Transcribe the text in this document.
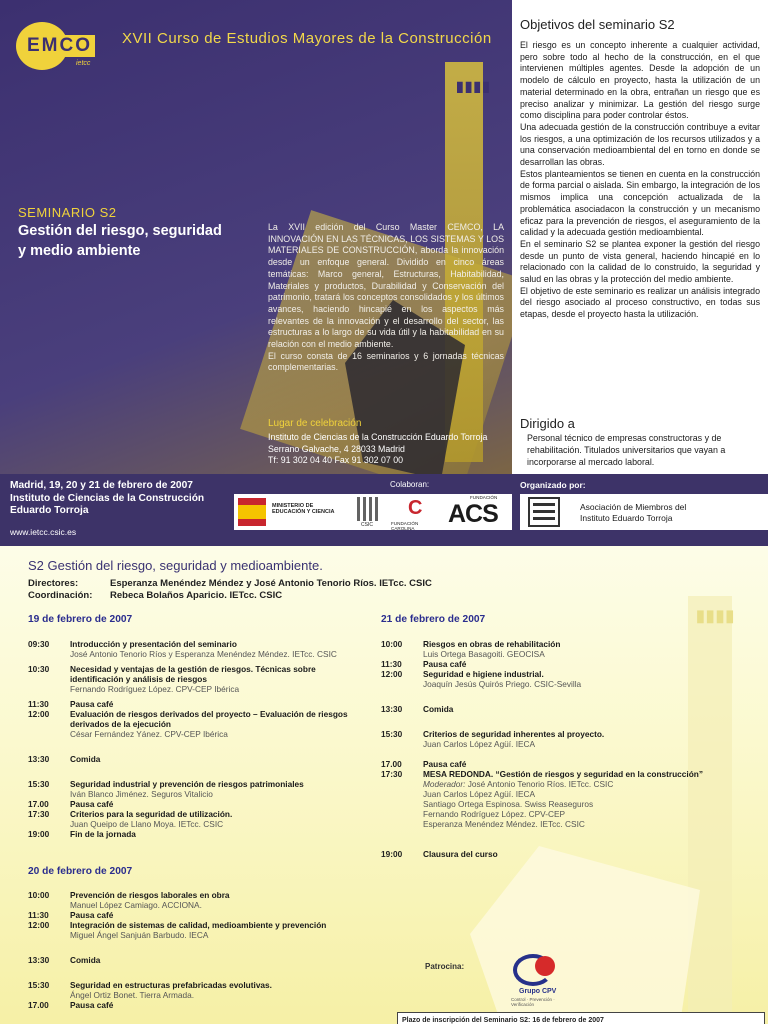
▮▮▮▮
EMCO
ietcc
XVII Curso de Estudios Mayores de la Construcción
SEMINARIO S2
Gestión del riesgo, seguridad
y medio ambiente
La XVII edición del Curso Master CEMCO, LA INNOVACIÓN EN LAS TÉCNICAS, LOS SISTEMAS Y LOS MATERIALES DE CONSTRUCCIÓN, aborda la innovación desde un enfoque general. Dividido en cinco áreas temáticas: Marco general, Estructuras, Habitabilidad, Materiales y productos, Durabilidad y Conservación del patrimonio, tratará los conceptos consolidados y los últimos avances, haciendo hincapié en los aspectos más relevantes de la innovación y el desarrollo del sector, las estructuras a lo largo de su vida útil y la habitabilidad en su relación con el medio ambiente.
El curso consta de 16 seminarios y 6 jornadas técnicas complementarias.
Lugar de celebración
Instituto de Ciencias de la Construcción Eduardo Torroja
Serrano Galvache, 4 28033 Madrid
Tf: 91 302 04 40 Fax 91 302 07 00
Objetivos del seminario S2

El riesgo es un concepto inherente a cualquier actividad, pero sobre todo al hecho de la construcción, en el que intervienen múltiples agentes. Desde la adopción de un modelo de cálculo en proyecto, hasta la utilización de un material determinado en la obra, entrañan un riesgo que es preciso analizar y minimizar. La gestión del riesgo surge como disciplina para poder controlar éstos.

Una adecuada gestión de la construcción contribuye a evitar los riesgos, a una optimización de los recursos utilizados y a una conservación medioambiental del en torno en donde se desarrollan las obras.

Estos planteamientos se tienen en cuenta en la construcción de forma parcial o aislada. Sin embargo, la integración de los mismos implica una concepción actualizada de la problemática asociadacon la construcción y un mecanismo eficaz para la prevención de riesgos, el aseguramiento de la calidad y la adecuada gestión medioambiental.

En el seminario S2 se plantea exponer la gestión del riesgo desde un punto de vista general, haciendo hincapié en lo relacionado con la calidad de lo construido, la seguridad y salud en las obras y la protección del medio ambiente.

El objetivo de este seminario es realizar un análisis integrado del riesgo asociado al proceso constructivo, en todas sus etapas, desde el proyecto hasta la utilización.

Dirigido a
Personal técnico de empresas constructoras y de rehabilitación. Titulados universitarios que vayan a incorporarse al mercado laboral.
Madrid, 19, 20 y 21 de febrero de 2007
Instituto de Ciencias de la Construcción
Eduardo Torroja
www.ietcc.csic.es
Colaboran:
MINISTERIO DE EDUCACIÓN Y CIENCIA
CSIC
C
FUNDACIÓN CAROLINA
FUNDACIÓN
ACS
Organizado por:
Asociación de Miembros del
Instituto Eduardo Torroja
▮▮▮▮
S2 Gestión del riesgo, seguridad y medioambiente.
Directores:	Esperanza Menéndez Méndez y José Antonio Tenorio Ríos. IETcc. CSIC
Coordinación:	Rebeca Bolaños Aparicio. IETcc. CSIC
19 de febrero de 2007
09:30	Introducción y presentación del seminario
José Antonio Tenorio Ríos y Esperanza Menéndez Méndez. IETcc. CSIC
10:30	Necesidad y ventajas de la gestión de riesgos. Técnicas sobre identificación y análisis de riesgos
Fernando Rodríguez López. CPV-CEP Ibérica
11:30	Pausa café
12:00	Evaluación de riesgos derivados del proyecto – Evaluación de riesgos derivados de la ejecución
César Fernández Yánez. CPV-CEP Ibérica
13:30	Comida
15:30	Seguridad industrial y prevención de riesgos patrimoniales
Iván Blanco Jiménez. Seguros Vitalicio
17.00	Pausa café
17:30	Criterios para la seguridad de utilización.
Juan Queipo de Llano Moya. IETcc. CSIC
19:00	Fin de la jornada
20 de febrero de 2007
10:00	Prevención de riesgos laborales en obra
Manuel López Camiago. ACCIONA.
11:30	Pausa café
12:00	Integración de sistemas de calidad, medioambiente y prevención
Miguel Ángel Sanjuán Barbudo. IECA
13:30	Comida
15:30	Seguridad en estructuras prefabricadas evolutivas.
Ángel Ortiz Bonet. Tierra Armada.
17.00	Pausa café
21 de febrero de 2007
10:00	Riesgos en obras de rehabilitación
Luis Ortega Basagoiti. GEOCISA
11:30	Pausa café
12:00	Seguridad e higiene industrial.
Joaquín Jesús Quirós Priego. CSIC-Sevilla
13:30	Comida
15:30	Criterios de seguridad inherentes al proyecto.
Juan Carlos López Agüí. IECA
17.00	Pausa café
17:30	MESA REDONDA. “Gestión de riesgos y seguridad en la construcción”
Moderador: José Antonio Tenorio Ríos. IETcc. CSIC
Juan Carlos López Agüí. IECA
Santiago Ortega Espinosa. Swiss Reaseguros
Fernando Rodríguez López. CPV-CEP
Esperanza Menéndez Méndez. IETcc. CSIC
19:00	Clausura del curso
Patrocina:
Grupo CPV
Control · Prevención · Verificación
Plazo de inscripción del Seminario S2: 16 de febrero de 2007
